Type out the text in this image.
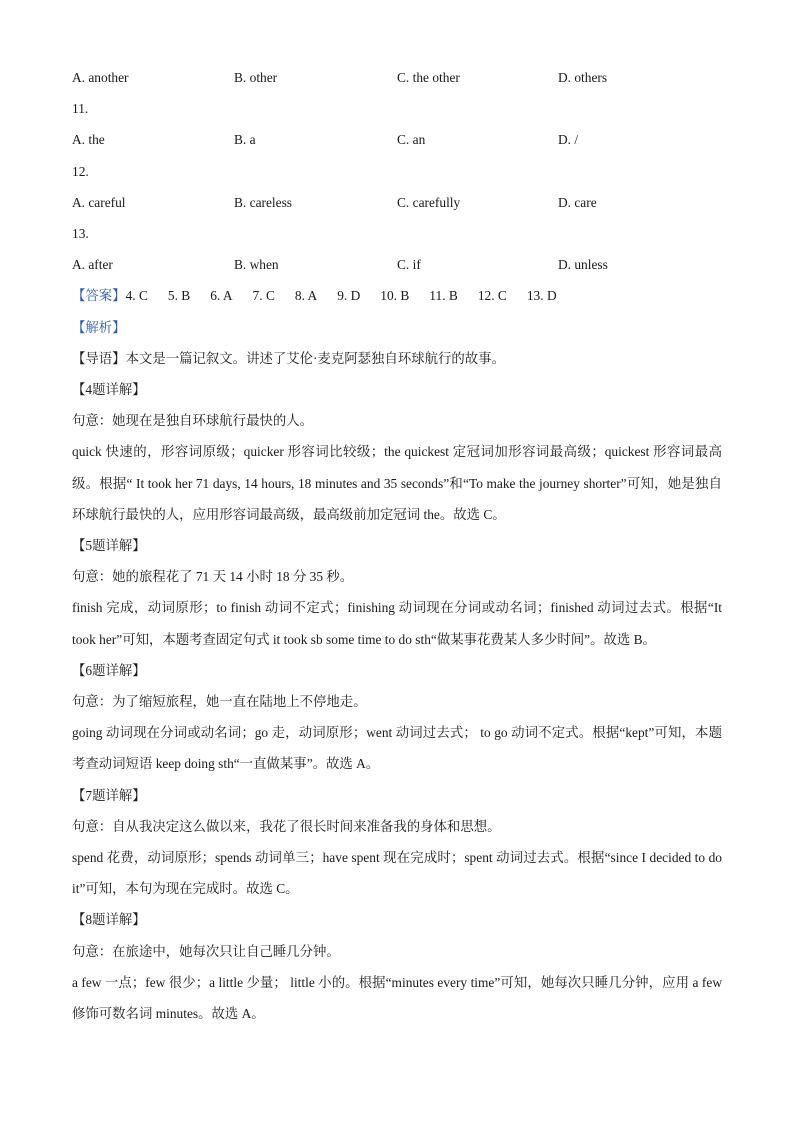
A. another	B. other	C. the other	D. others
11.
A. the	B. a	C. an	D. /
12.
A. careful	B. careless	C. carefully	D. care
13.
A. after	B. when	C. if	D. unless
【答案】4. C 5. B 6. A 7. C 8. A 9. D 10. B 11. B 12. C 13. D
【解析】
【导语】本文是一篇记叙文。讲述了艾伦·麦克阿瑟独自环球航行的故事。
【4题详解】
句意：她现在是独自环球航行最快的人。
quick 快速的，形容词原级；quicker 形容词比较级；the quickest 定冠词加形容词最高级；quickest 形容词最高级。根据“ It took her 71 days, 14 hours, 18 minutes and 35 seconds”和“To make the journey shorter”可知，她是独自环球航行最快的人，应用形容词最高级，最高级前加定冠词 the。故选 C。
【5题详解】
句意：她的旅程花了 71 天 14 小时 18 分 35 秒。
finish 完成，动词原形；to finish 动词不定式；finishing 动词现在分词或动名词；finished 动词过去式。根据“It took her”可知，本题考查固定句式 it took sb some time to do sth“做某事花费某人多少时间”。故选 B。
【6题详解】
句意：为了缩短旅程，她一直在陆地上不停地走。
going 动词现在分词或动名词；go 走，动词原形；went 动词过去式； to go 动词不定式。根据“kept”可知，本题考查动词短语 keep doing sth“一直做某事”。故选 A。
【7题详解】
句意：自从我决定这么做以来，我花了很长时间来准备我的身体和思想。
spend 花费，动词原形；spends 动词单三；have spent 现在完成时；spent 动词过去式。根据“since I decided to do it”可知，本句为现在完成时。故选 C。
【8题详解】
句意：在旅途中，她每次只让自己睡几分钟。
a few 一点；few 很少；a little 少量； little 小的。根据“minutes every time”可知，她每次只睡几分钟，应用 a few 修饰可数名词 minutes。故选 A。
